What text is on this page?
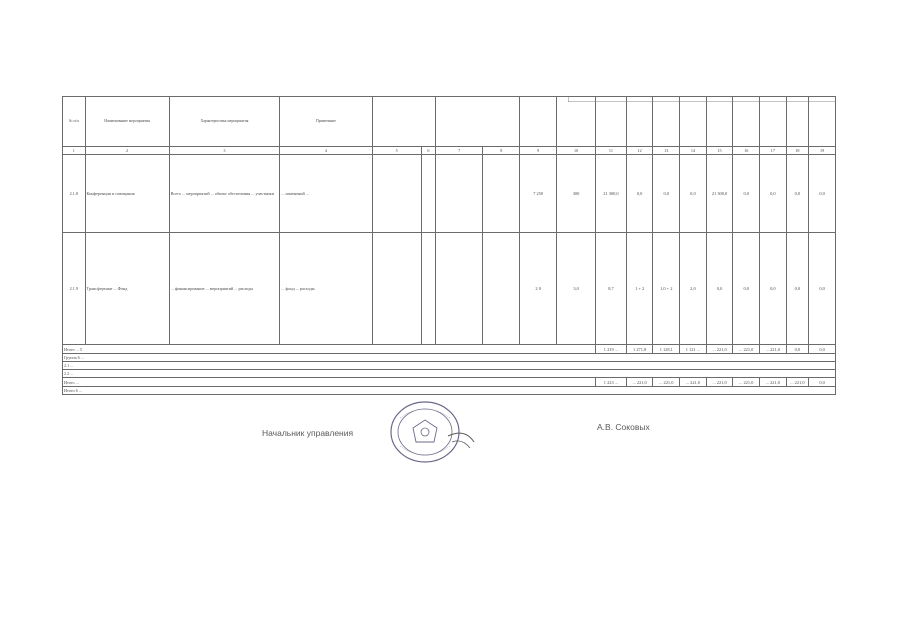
№ п/п	Наименование мероприятия	Характеристика мероприятия	Примечание															
1	2	3	4	5	6	7	8	9	10	11	12	13	14	15	16	17	18	19
2.1.8	Конференции и совещания	Всего ... мероприятий ... объект обеспечения ... участники	... изменений ...					7 250	300	21 300,0	0,0	0,0	0,0	21 300,0	0,0	0,0	0,0	0,0
2.1.9	Трансфертные ... Фонд	... финансирование ... мероприятий ... расходы	... фонд ... расходы					2 0	3,0	8,7	1 + 2	1,0 + 2	2,0	0,0	0,0	0,0	0,0	0,0
Итого ... 5										1 219 ...	1 271,8	1 128,1	1 121 ...	... 221,0	... 221,0	... 221,0	0,0	0,0
Группа 6 ...																		
2.1 ...																		
2.2 ...																		
Итого ...										1 223 ...	... 221,0	... 221,0	... 221,0	... 221,0	... 221,0	... 221,0	... 221,0	0,0
Итого 6 ...																		
Начальник управления
А.В. Соковых
